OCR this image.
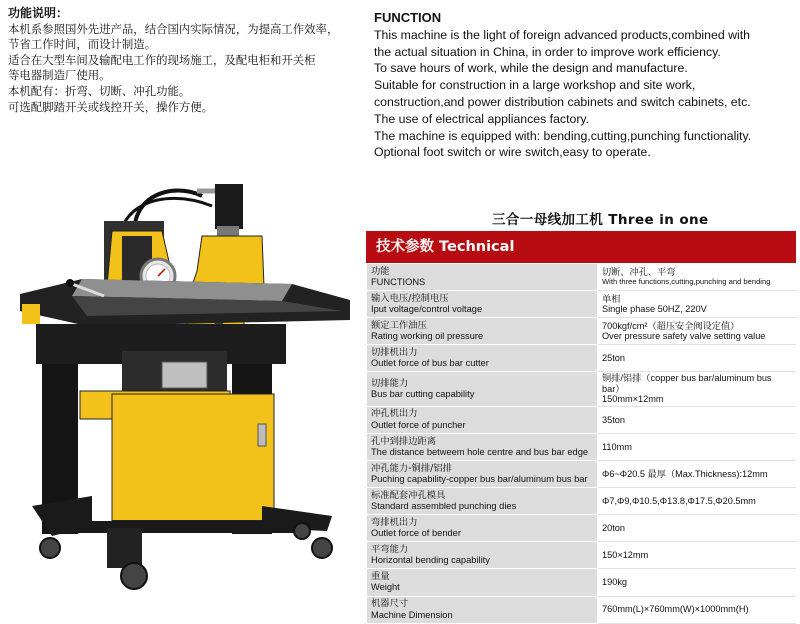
功能说明：

本机系参照国外先进产品，结合国内实际情况，为提高工作效率，

节省工作时间，而设计制造。

适合在大型车间及输配电工作的现场施工，及配电柜和开关柜

等电器制造厂使用。

本机配有：折弯、切断、冲孔功能。

可选配脚踏开关或线控开关，操作方便。

FUNCTION

This machine is the light of foreign advanced products,combined with

the actual situation in China, in order to improve work efficiency.

To save hours of work, while the design and manufacture.

Suitable for construction in a large workshop and site work,

construction,and power distribution cabinets and switch cabinets, etc.

The use of electrical appliances factory.

The machine is equipped with: bending,cutting,punching functionality.

Optional foot switch or wire switch,easy to operate.

三合一母线加工机 Three in one
技术参数 Technical
功能
FUNCTIONS	切断、冲孔、平弯
With three functions,cutting,punching and bending

输入电压/控制电压
Iput voltage/control voltage	单相
Single phase 50HZ, 220V

额定工作油压
Rating working oil pressure	700kgf/cm²（超压安全阀设定值）
Over pressure safety valve setting value

切排机出力
Outlet force of bus bar cutter	25ton

切排能力
Bus bar cutting capability	铜排/铝排（copper bus bar/aluminum bus bar）
150mm×12mm

冲孔机出力
Outlet force of puncher	35ton

孔中到排边距离
The distance betweem hole centre and bus bar edge	110mm

冲孔能力-铜排/铝排
Puching capability-copper bus bar/aluminum bus bar	Φ6~Φ20.5 最厚（Max.Thickness):12mm

标准配套冲孔模具
Standard assembled punching dies	Φ7,Φ9,Φ10.5,Φ13.8,Φ17.5,Φ20.5mm

弯排机出力
Outlet force of bender	20ton

平弯能力
Horizontal bending capability	150×12mm

重量
Weight	190kg

机器尺寸
Machine Dimension	760mm(L)×760mm(W)×1000mm(H)
